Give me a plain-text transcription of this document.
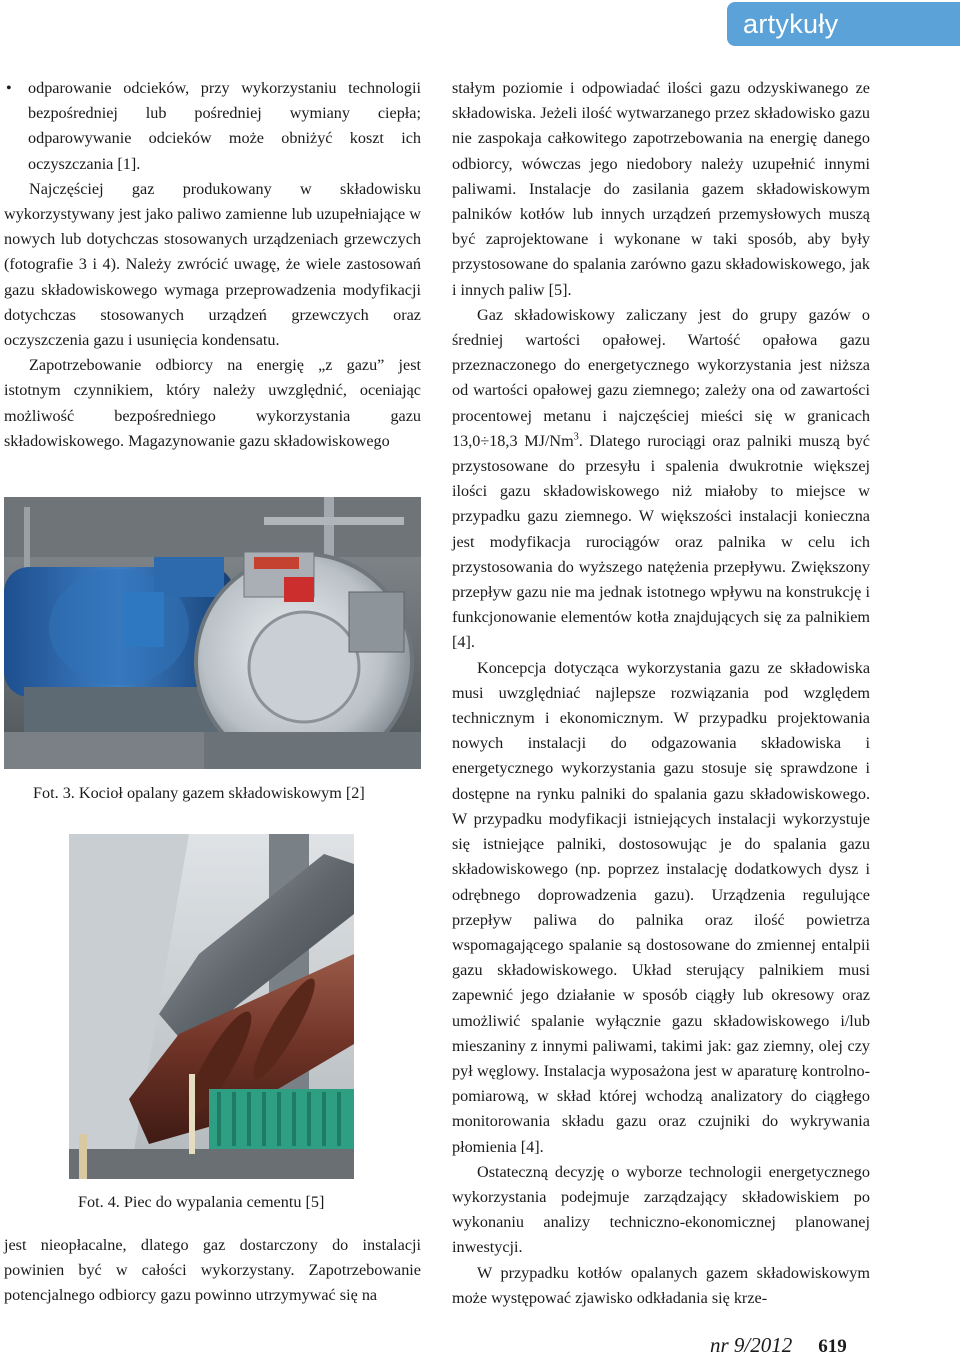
artykuły

• odparowanie odcieków, przy wykorzystaniu technologii bezpośredniej lub pośredniej wymiany ciepła; odparowywanie odcieków może obniżyć koszt ich oczyszczania [1].

Najczęściej gaz produkowany w składowisku wykorzystywany jest jako paliwo zamienne lub uzupełniające w nowych lub dotychczas stosowanych urządzeniach grzewczych (fotografie 3 i 4). Należy zwrócić uwagę, że wiele zastosowań gazu składowiskowego wymaga przeprowadzenia modyfikacji dotychczas stosowanych urządzeń grzewczych oraz oczyszczenia gazu i usunięcia kondensatu.

Zapotrzebowanie odbiorcy na energię „z gazu” jest istotnym czynnikiem, który należy uwzględnić, oceniając możliwość bezpośredniego wykorzystania gazu składowiskowego. Magazynowanie gazu składowiskowego

Fot. 3. Kocioł opalany gazem składowiskowym [2]
Fot. 4. Piec do wypalania cementu [5]

jest nieopłacalne, dlatego gaz dostarczony do instalacji powinien być w całości wykorzystany. Zapotrzebowanie potencjalnego odbiorcy gazu powinno utrzymywać się na

stałym poziomie i odpowiadać ilości gazu odzyskiwanego ze składowiska. Jeżeli ilość wytwarzanego przez składowisko gazu nie zaspokaja całkowitego zapotrzebowania na energię danego odbiorcy, wówczas jego niedobory należy uzupełnić innymi paliwami. Instalacje do zasilania gazem składowiskowym palników kotłów lub innych urządzeń przemysłowych muszą być zaprojektowane i wykonane w taki sposób, aby były przystosowane do spalania zarówno gazu składowiskowego, jak i innych paliw [5].

Gaz składowiskowy zaliczany jest do grupy gazów o średniej wartości opałowej. Wartość opałowa gazu przeznaczonego do energetycznego wykorzystania jest niższa od wartości opałowej gazu ziemnego; zależy ona od zawartości procentowej metanu i najczęściej mieści się w granicach 13,0÷18,3 MJ/Nm$^3$. Dlatego rurociągi oraz palniki muszą być przystosowane do przesyłu i spalenia dwukrotnie większej ilości gazu składowiskowego niż miałoby to miejsce w przypadku gazu ziemnego. W większości instalacji konieczna jest modyfikacja rurociągów oraz palnika w celu ich przystosowania do wyższego natężenia przepływu. Zwiększony przepływ gazu nie ma jednak istotnego wpływu na konstrukcję i funkcjonowanie elementów kotła znajdujących się za palnikiem [4].

Koncepcja dotycząca wykorzystania gazu ze składowiska musi uwzględniać najlepsze rozwiązania pod względem technicznym i ekonomicznym. W przypadku projektowania nowych instalacji do odgazowania składowiska i energetycznego wykorzystania gazu stosuje się sprawdzone i dostępne na rynku palniki do spalania gazu składowiskowego. W przypadku modyfikacji istniejących instalacji wykorzystuje się istniejące palniki, dostosowując je do spalania gazu składowiskowego (np. poprzez instalację dodatkowych dysz i odrębnego doprowadzenia gazu). Urządzenia regulujące przepływ paliwa do palnika oraz ilość powietrza wspomagającego spalanie są dostosowane do zmiennej entalpii gazu składowiskowego. Układ sterujący palnikiem musi zapewnić jego działanie w sposób ciągły lub okresowy oraz umożliwić spalanie wyłącznie gazu składowiskowego i/lub mieszaniny z innymi paliwami, takimi jak: gaz ziemny, olej czy pył węglowy. Instalacja wyposażona jest w aparaturę kontrolno-pomiarową, w skład której wchodzą analizatory do ciągłego monitorowania składu gazu oraz czujniki do wykrywania płomienia [4].

Ostateczną decyzję o wyborze technologii energetycznego wykorzystania podejmuje zarządzający składowiskiem po wykonaniu analizy techniczno-ekonomicznej planowanej inwestycji.

W przypadku kotłów opalanych gazem składowiskowym może występować zjawisko odkładania się krze-

nr 9/2012 619
